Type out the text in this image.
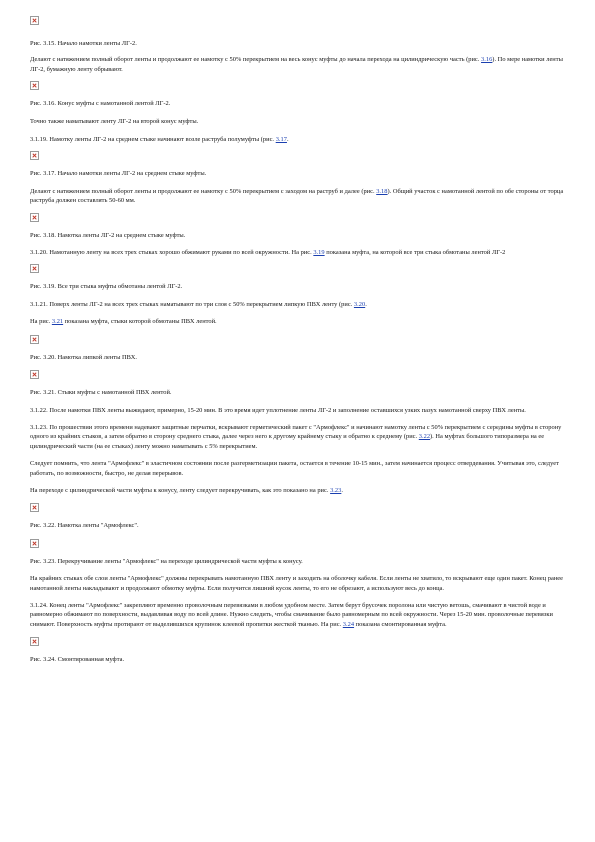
Рис. 3.15. Начало намотки ленты ЛГ-2.

Делают с натяжением полный оборот ленты и продолжают ее намотку с 50% перекрытием на весь конус муфты до начала перехода на цилиндрическую часть (рис. 3.16). По мере намотки ленты ЛГ-2, бумажную ленту обрывают.

Рис. 3.16. Конус муфты с намотанной лентой ЛГ-2.

Точно также наматывают ленту ЛГ-2 на второй конус муфты.

3.1.19. Намотку ленты ЛГ-2 на среднем стыке начинают возле раструба полумуфты (рис. 3.17.

Рис. 3.17. Начало намотки ленты ЛГ-2 на среднем стыке муфты.

Делают с натяжением полный оборот ленты и продолжают ее намотку с 50% перекрытием с заходом на раструб и далее (рис. 3.18). Общий участок с намотанной лентой по обе стороны от торца раструба должен составлять 50-60 мм.

Рис. 3.18. Намотка ленты ЛГ-2 на среднем стыке муфты.

3.1.20. Намотанную ленту на всех трех стыках хорошо обжимают руками по всей окружности. На рис. 3.19 показана муфта, на которой все три стыка обмотаны лентой ЛГ-2

Рис. 3.19. Все три стыка муфты обмотаны лентой ЛГ-2.

3.1.21. Поверх ленты ЛГ-2 на всех трех стыках наматывают по три слоя с 50% перекрытием липкую ПВХ ленту (рис. 3.20.

На рис. 3.21 показана муфта, стыки которой обмотаны ПВХ лентой.

Рис. 3.20. Намотка липкой ленты ПВХ.

Рис. 3.21. Стыки муфты с намотанной ПВХ лентой.

3.1.22. После намотки ПВХ ленты выжидают, примерно, 15-20 мин. В это время идет уплотнение ленты ЛГ-2 и заполнение оставшихся узких пазух намотанной сверху ПВХ ленты.

3.1.23. По прошествии этого времени надевают защитные перчатки, вскрывают герметический пакет с "Армофлекс" и начинают намотку ленты с 50% перекрытием с середины муфты в сторону одного из крайних стыков, а затем обратно в сторону среднего стыка, далее через него к другому крайнему стыку и обратно к среднему (рис. 3.22). На муфтах большого типоразмера на ее цилиндрический части (на ее стыках) ленту можно наматывать с 5% перекрытием.

Следует помнить, что лента "Армофлекс" в эластичном состоянии после разгерметизации пакета, остается в течение 10-15 мин., затем начинается процесс отвердевания. Учитывая это, следует работать, по возможности, быстро, не делая перерывов.

На переходе с цилиндрической части муфты к конусу, ленту следует перекручивать, как это показано на рис. 3.23.

Рис. 3.22. Намотка ленты "Армофлекс".

Рис. 3.23. Перекручивание ленты "Армофлекс" на переходе цилиндрической части муфты к конусу.

На крайних стыках обе слои ленты "Армофлекс" должны перекрывать намотанную ПВХ ленту и заходить на оболочку кабеля. Если ленты не хватило, то вскрывают еще один пакет. Конец ранее намотанной ленты накладывают и продолжают обмотку муфты. Если получится лишний кусок ленты, то его не обрезают, а используют весь до конца.

3.1.24. Конец ленты "Армофлекс" закрепляют временно проволочным перевязками в любом удобном месте. Затем берут брусочек поролона или чистую ветошь, смачивают в чистой воде и равномерно обжимают по поверхности, выдавливая воду по всей длине. Нужно следить, чтобы смачивание было равномерным по всей окружности. Через 15-20 мин. проволочные перевязки снимают. Поверхность муфты протирают от выделившихся крупинок клеевой пропитки жесткой тканью. На рис. 3.24 показана смонтированная муфта.

Рис. 3.24. Смонтированная муфта.
